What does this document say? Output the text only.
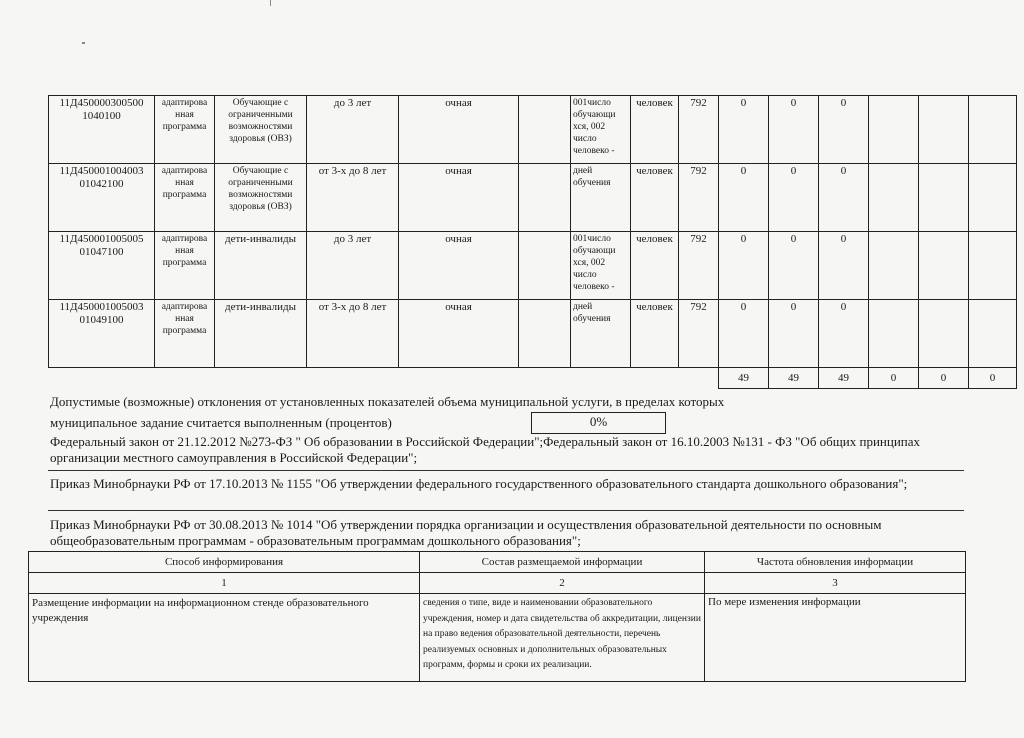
11Д450000300500 1040100	адаптирова нная программа	Обучающие с ограниченными возможностями здоровья (ОВЗ)	до 3 лет	очная		001число обучающи хся, 002 число человеко -	человек	792	0	0	0			
11Д450001004003 01042100	адаптирова нная программа	Обучающие с ограниченными возможностями здоровья (ОВЗ)	от 3-х до 8 лет	очная		дней обучения	человек	792	0	0	0			
11Д450001005005 01047100	адаптирова нная программа	дети-инвалиды	до 3 лет	очная		001число обучающи хся, 002 число человеко -	человек	792	0	0	0			
11Д450001005003 01049100	адаптирова нная программа	дети-инвалиды	от 3-х до 8 лет	очная		дней обучения	человек	792	0	0	0			
									49	49	49	0	0	0
Допустимые (возможные) отклонения от установленных показателей объема муниципальной услуги, в пределах которых
муниципальное задание считается выполненным (процентов)	0%
Федеральный закон от 21.12.2012 №273-ФЗ " Об образовании в Российской Федерации";Федеральный закон от 16.10.2003 №131 - ФЗ "Об общих принципах
организации местного самоуправления в Российской Федерации";
Приказ Минобрнауки РФ от 17.10.2013 № 1155 "Об утверждении федерального государственного образовательного стандарта дошкольного образования";
Приказ Минобрнауки РФ от 30.08.2013 № 1014 "Об утверждении порядка организации и осуществления образовательной деятельности по основным
общеобразовательным программам - образовательным программам дошкольного образования";
Способ информирования	Состав размещаемой информации	Частота обновления информации
1	2	3
Размещение информации на информационном стенде образовательного учреждения	сведения о типе, виде и наименовании образовательного учреждения, номер и дата свидетельства об аккредитации, лицензии на право ведения образовательной деятельности, перечень реализуемых основных и дополнительных образовательных программ, формы и сроки их реализации.	По мере изменения информации
